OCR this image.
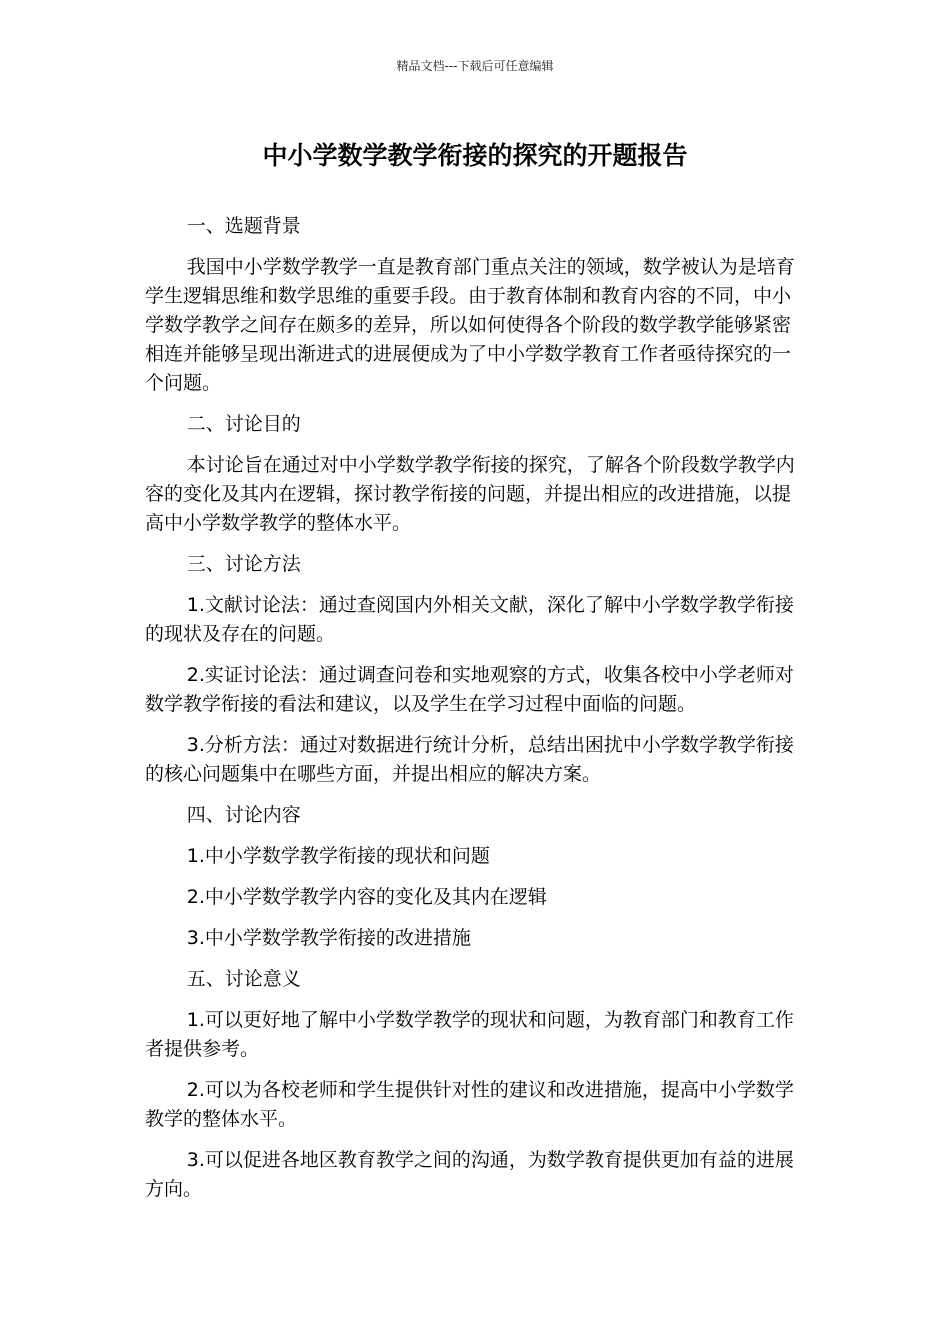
精品文档---下载后可任意编辑
中小学数学教学衔接的探究的开题报告

一、选题背景

我国中小学数学教学一直是教育部门重点关注的领域，数学被认为是培育学生逻辑思维和数学思维的重要手段。由于教育体制和教育内容的不同，中小学数学教学之间存在颇多的差异，所以如何使得各个阶段的数学教学能够紧密相连并能够呈现出渐进式的进展便成为了中小学数学教育工作者亟待探究的一个问题。

二、讨论目的

本讨论旨在通过对中小学数学教学衔接的探究，了解各个阶段数学教学内容的变化及其内在逻辑，探讨教学衔接的问题，并提出相应的改进措施，以提高中小学数学教学的整体水平。

三、讨论方法

1.文献讨论法：通过查阅国内外相关文献，深化了解中小学数学教学衔接的现状及存在的问题。

2.实证讨论法：通过调查问卷和实地观察的方式，收集各校中小学老师对数学教学衔接的看法和建议，以及学生在学习过程中面临的问题。

3.分析方法：通过对数据进行统计分析，总结出困扰中小学数学教学衔接的核心问题集中在哪些方面，并提出相应的解决方案。

四、讨论内容

1.中小学数学教学衔接的现状和问题

2.中小学数学教学内容的变化及其内在逻辑

3.中小学数学教学衔接的改进措施

五、讨论意义

1.可以更好地了解中小学数学教学的现状和问题，为教育部门和教育工作者提供参考。

2.可以为各校老师和学生提供针对性的建议和改进措施，提高中小学数学教学的整体水平。

3.可以促进各地区教育教学之间的沟通，为数学教育提供更加有益的进展方向。
